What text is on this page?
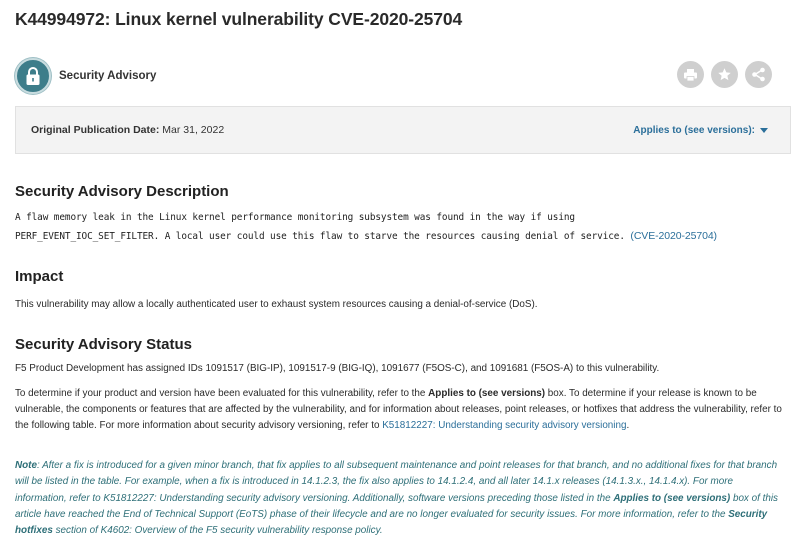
K44994972: Linux kernel vulnerability CVE-2020-25704
Security Advisory
Original Publication Date: Mar 31, 2022	Applies to (see versions):
Security Advisory Description
A flaw memory leak in the Linux kernel performance monitoring subsystem was found in the way if using
PERF_EVENT_IOC_SET_FILTER. A local user could use this flaw to starve the resources causing denial of service. (CVE-2020-25704)
Impact
This vulnerability may allow a locally authenticated user to exhaust system resources causing a denial-of-service (DoS).
Security Advisory Status
F5 Product Development has assigned IDs 1091517 (BIG-IP), 1091517-9 (BIG-IQ), 1091677 (F5OS-C), and 1091681 (F5OS-A) to this vulnerability.
To determine if your product and version have been evaluated for this vulnerability, refer to the Applies to (see versions) box. To determine if your release is known to be vulnerable, the components or features that are affected by the vulnerability, and for information about releases, point releases, or hotfixes that address the vulnerability, refer to the following table. For more information about security advisory versioning, refer to K51812227: Understanding security advisory versioning.
Note: After a fix is introduced for a given minor branch, that fix applies to all subsequent maintenance and point releases for that branch, and no additional fixes for that branch will be listed in the table. For example, when a fix is introduced in 14.1.2.3, the fix also applies to 14.1.2.4, and all later 14.1.x releases (14.1.3.x., 14.1.4.x). For more information, refer to K51812227: Understanding security advisory versioning. Additionally, software versions preceding those listed in the Applies to (see versions) box of this article have reached the End of Technical Support (EoTS) phase of their lifecycle and are no longer evaluated for security issues. For more information, refer to the Security hotfixes section of K4602: Overview of the F5 security vulnerability response policy.
